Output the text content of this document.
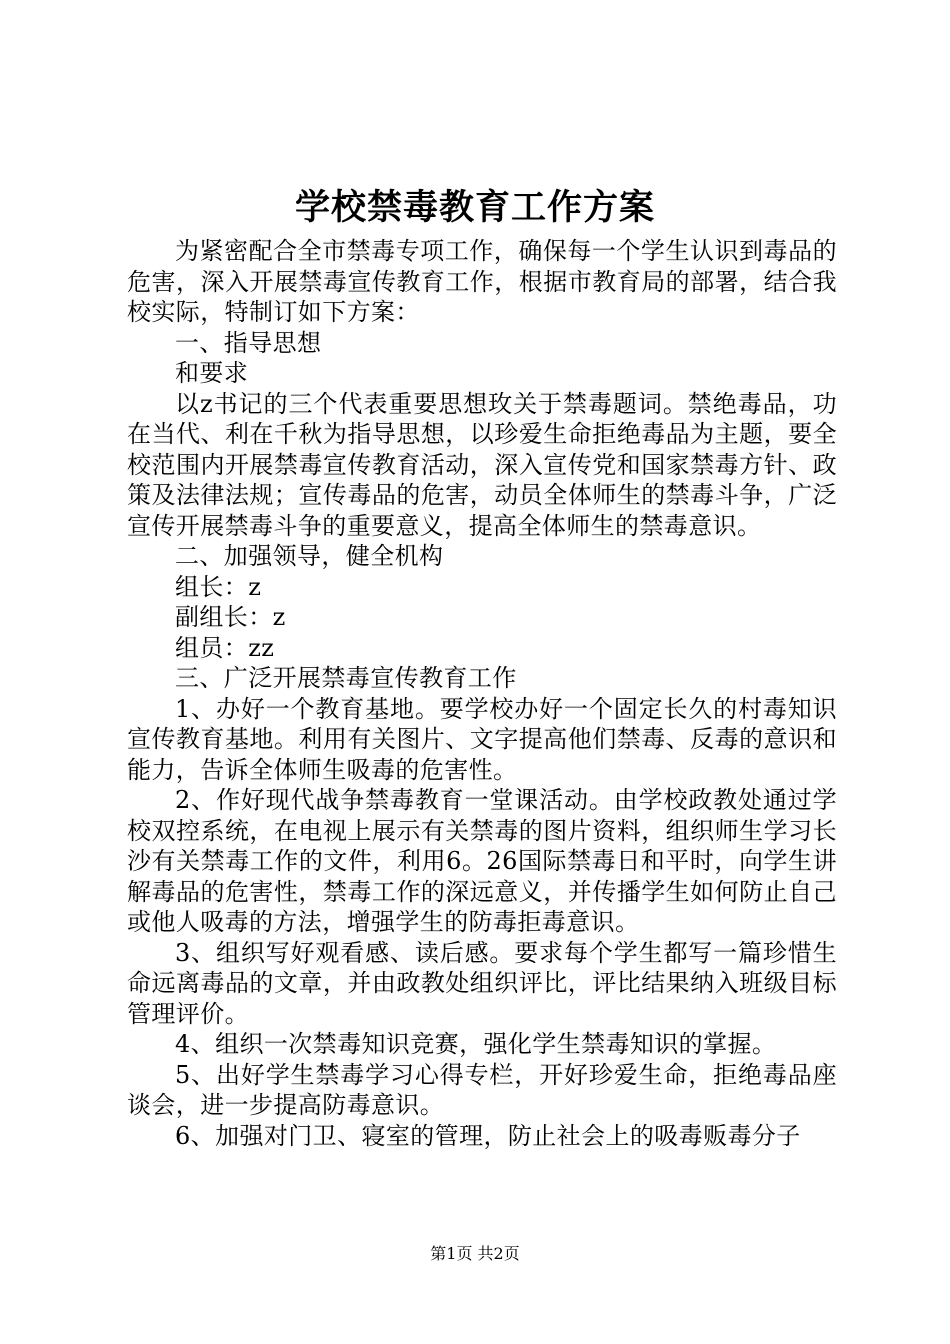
学校禁毒教育工作方案

为紧密配合全市禁毒专项工作，确保每一个学生认识到毒品的危害，深入开展禁毒宣传教育工作，根据市教育局的部署，结合我校实际，特制订如下方案：

一、指导思想

和要求

以z书记的三个代表重要思想玫关于禁毒题词。禁绝毒品，功在当代、利在千秋为指导思想，以珍爱生命拒绝毒品为主题，要全校范围内开展禁毒宣传教育活动，深入宣传党和国家禁毒方针、政策及法律法规；宣传毒品的危害，动员全体师生的禁毒斗争，广泛宣传开展禁毒斗争的重要意义，提高全体师生的禁毒意识。

二、加强领导，健全机构

组长：z

副组长：z

组员：zz

三、广泛开展禁毒宣传教育工作

1、办好一个教育基地。要学校办好一个固定长久的村毒知识宣传教育基地。利用有关图片、文字提高他们禁毒、反毒的意识和能力，告诉全体师生吸毒的危害性。

2、作好现代战争禁毒教育一堂课活动。由学校政教处通过学校双控系统，在电视上展示有关禁毒的图片资料，组织师生学习长沙有关禁毒工作的文件，利用6。26国际禁毒日和平时，向学生讲解毒品的危害性，禁毒工作的深远意义，并传播学生如何防止自己或他人吸毒的方法，增强学生的防毒拒毒意识。

3、组织写好观看感、读后感。要求每个学生都写一篇珍惜生命远离毒品的文章，并由政教处组织评比，评比结果纳入班级目标管理评价。

4、组织一次禁毒知识竞赛，强化学生禁毒知识的掌握。

5、出好学生禁毒学习心得专栏，开好珍爱生命，拒绝毒品座谈会，进一步提高防毒意识。

6、加强对门卫、寝室的管理，防止社会上的吸毒贩毒分子

第1页 共2页
